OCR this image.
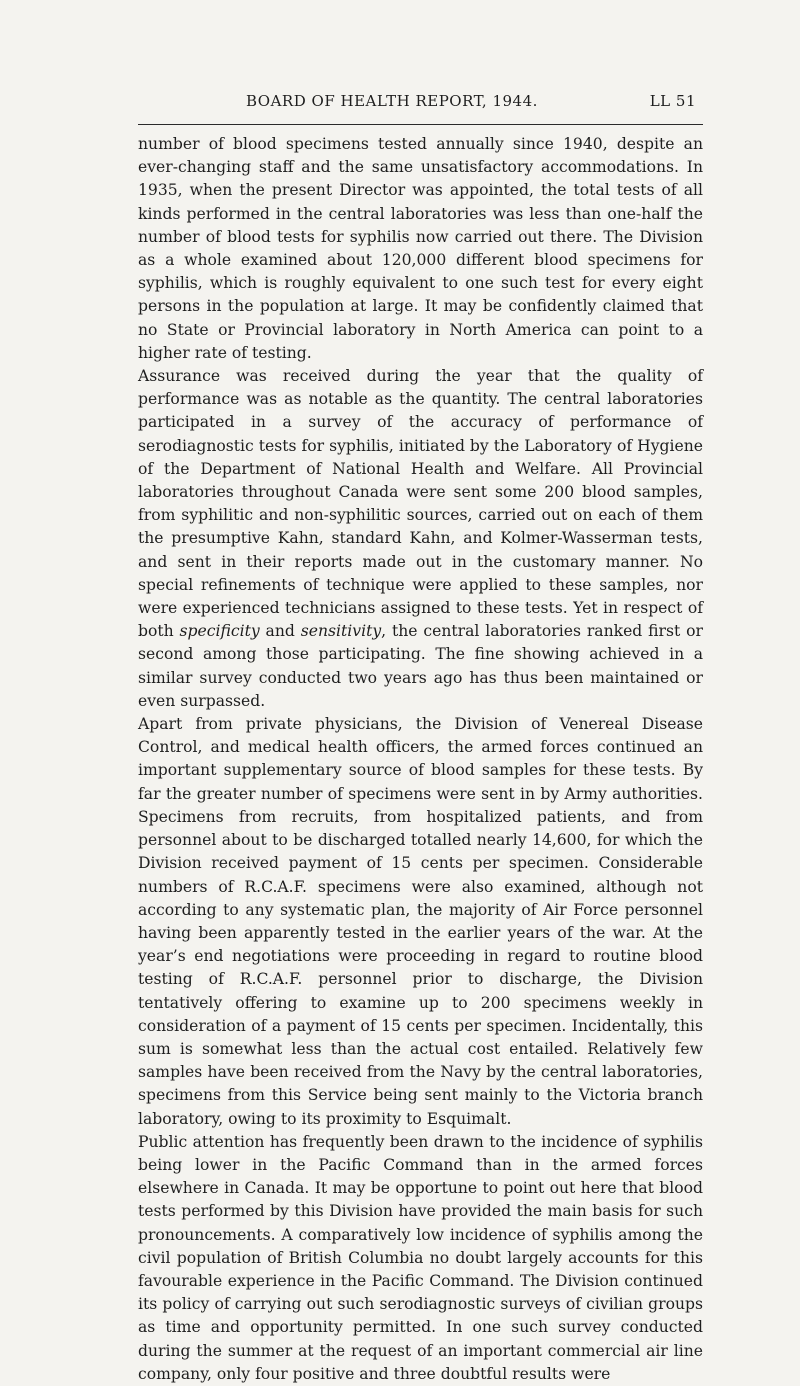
BOARD OF HEALTH REPORT, 1944.	LL 51

number of blood specimens tested annually since 1940, despite an ever-changing staff and the same unsatisfactory accommodations. In 1935, when the present Director was appointed, the total tests of all kinds performed in the central laboratories was less than one-half the number of blood tests for syphilis now carried out there. The Division as a whole examined about 120,000 different blood specimens for syphilis, which is roughly equivalent to one such test for every eight persons in the population at large. It may be confidently claimed that no State or Provincial laboratory in North America can point to a higher rate of testing.

Assurance was received during the year that the quality of performance was as notable as the quantity. The central laboratories participated in a survey of the accuracy of performance of serodiagnostic tests for syphilis, initiated by the Laboratory of Hygiene of the Department of National Health and Welfare. All Provincial laboratories throughout Canada were sent some 200 blood samples, from syphilitic and non-syphilitic sources, carried out on each of them the presumptive Kahn, standard Kahn, and Kolmer-Wasserman tests, and sent in their reports made out in the customary manner. No special refinements of technique were applied to these samples, nor were experienced technicians assigned to these tests. Yet in respect of both specificity and sensitivity, the central laboratories ranked first or second among those participating. The fine showing achieved in a similar survey conducted two years ago has thus been maintained or even surpassed.

Apart from private physicians, the Division of Venereal Disease Control, and medical health officers, the armed forces continued an important supplementary source of blood samples for these tests. By far the greater number of specimens were sent in by Army authorities. Specimens from recruits, from hospitalized patients, and from personnel about to be discharged totalled nearly 14,600, for which the Division received payment of 15 cents per specimen. Considerable numbers of R.C.A.F. specimens were also examined, although not according to any systematic plan, the majority of Air Force personnel having been apparently tested in the earlier years of the war. At the year’s end negotiations were proceeding in regard to routine blood testing of R.C.A.F. personnel prior to discharge, the Division tentatively offering to examine up to 200 specimens weekly in consideration of a payment of 15 cents per specimen. Incidentally, this sum is somewhat less than the actual cost entailed. Relatively few samples have been received from the Navy by the central laboratories, specimens from this Service being sent mainly to the Victoria branch laboratory, owing to its proximity to Esquimalt.

Public attention has frequently been drawn to the incidence of syphilis being lower in the Pacific Command than in the armed forces elsewhere in Canada. It may be opportune to point out here that blood tests performed by this Division have provided the main basis for such pronouncements. A comparatively low incidence of syphilis among the civil population of British Columbia no doubt largely accounts for this favourable experience in the Pacific Command. The Division continued its policy of carrying out such serodiagnostic surveys of civilian groups as time and opportunity permitted. In one such survey conducted during the summer at the request of an important commercial air line company, only four positive and three doubtful results were
